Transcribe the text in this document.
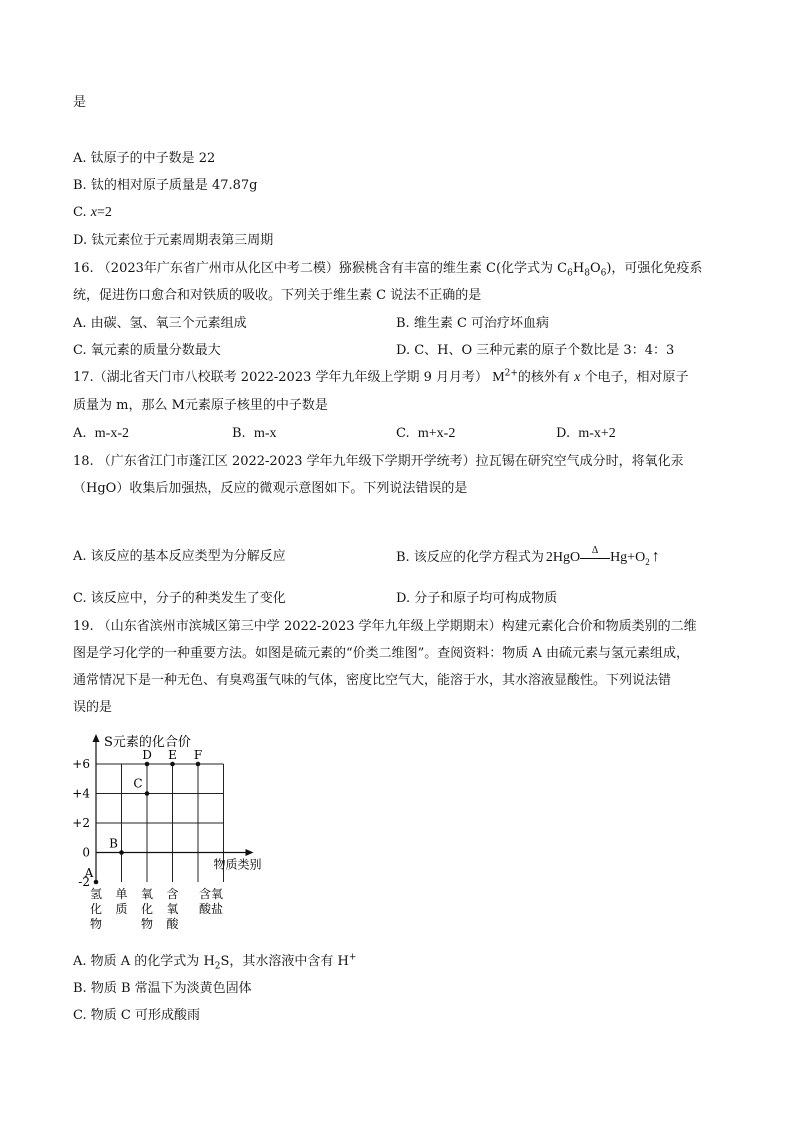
是
A. 钛原子的中子数是 22
B. 钛的相对原子质量是 47.87g
C. x=2
D. 钛元素位于元素周期表第三周期
16. （2023年广东省广州市从化区中考二模）猕猴桃含有丰富的维生素 C(化学式为 $C_6H_8O_6$)，可强化免疫系
统，促进伤口愈合和对铁质的吸收。下列关于维生素 C 说法不正确的是
A. 由碳、氢、氧三个元素组成	B. 维生素 C 可治疗坏血病
C. 氧元素的质量分数最大	D. C、H、O 三种元素的原子个数比是 3：4：3
17.（湖北省天门市八校联考 2022-2023 学年九年级上学期 9 月月考） $M^{2+}$的核外有 x 个电子，相对原子
质量为 m，那么 M元素原子核里的中子数是
A. m-x-2	B. m-x	C. m+x-2	D. m-x+2
18. （广东省江门市蓬江区 2022-2023 学年九年级下学期开学统考）拉瓦锡在研究空气成分时，将氧化汞
（HgO）收集后加强热，反应的微观示意图如下。下列说法错误的是
A. 该反应的基本反应类型为分解反应	B. 该反应的化学方程式为 2HgO	Δ $Hg+O_2$ ↑
C. 该反应中，分子的种类发生了变化	D. 分子和原子均可构成物质
19. （山东省滨州市滨城区第三中学 2022-2023 学年九年级上学期期末）构建元素化合价和物质类别的二维
图是学习化学的一种重要方法。如图是硫元素的“价类二维图”。查阅资料：物质 A 由硫元素与氢元素组成，
通常情况下是一种无色、有臭鸡蛋气味的气体，密度比空气大，能溶于水，其水溶液显酸性。下列说法错
误的是
S元素的化合价
物质类别
+6
+4
+2
0
-2
氢
化
物
单
质
氧
化
物
含
氧
酸
含氧
酸盐
A
B
C
D E F
A. 物质 A 的化学式为 $H_2S$，其水溶液中含有 H+
B. 物质 B 常温下为淡黄色固体
C. 物质 C 可形成酸雨
